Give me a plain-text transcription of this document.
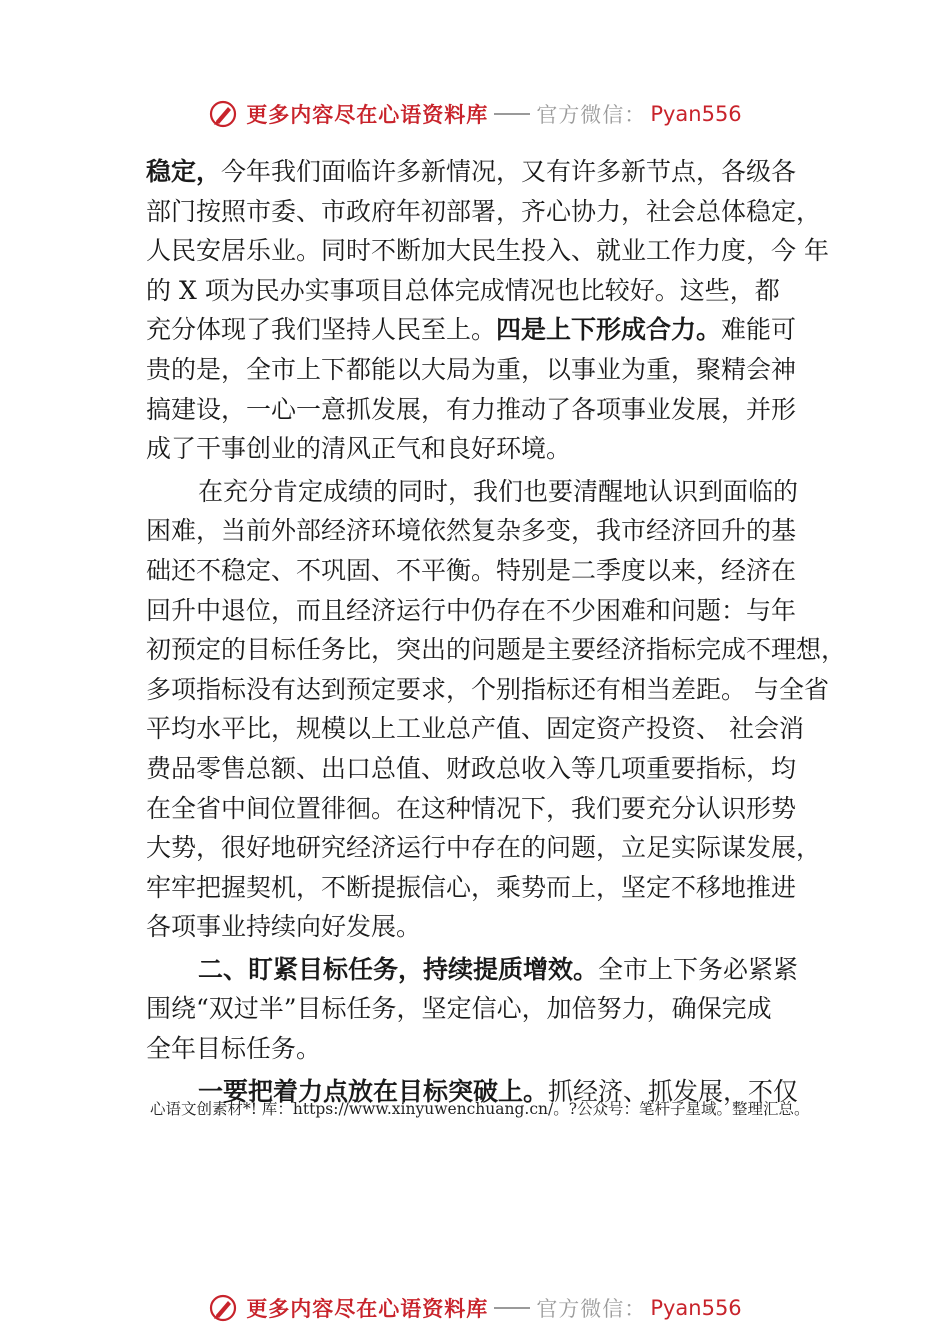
更多内容尽在心语资料库 官方微信： Pyan556
稳定，今年我们面临许多新情况，又有许多新节点，各级各
部门按照市委、市政府年初部署，齐心协力，社会总体稳定，
人民安居乐业。同时不断加大民生投入、就业工作力度，今 年
的 X 项为民办实事项目总体完成情况也比较好。这些，都
充分体现了我们坚持人民至上。四是上下形成合力。难能可
贵的是，全市上下都能以大局为重，以事业为重，聚精会神
搞建设，一心一意抓发展，有力推动了各项事业发展，并形
成了干事创业的清风正气和良好环境。
在充分肯定成绩的同时，我们也要清醒地认识到面临的
困难，当前外部经济环境依然复杂多变，我市经济回升的基
础还不稳定、不巩固、不平衡。特别是二季度以来，经济在
回升中退位，而且经济运行中仍存在不少困难和问题：与年
初预定的目标任务比，突出的问题是主要经济指标完成不理想，
多项指标没有达到预定要求，个别指标还有相当差距。 与全省
平均水平比，规模以上工业总产值、固定资产投资、 社会消
费品零售总额、出口总值、财政总收入等几项重要指标，均
在全省中间位置徘徊。在这种情况下，我们要充分认识形势
大势，很好地研究经济运行中存在的问题，立足实际谋发展，
牢牢把握契机，不断提振信心，乘势而上，坚定不移地推进
各项事业持续向好发展。
二、盯紧目标任务，持续提质增效。全市上下务必紧紧
围绕“双过半”目标任务，坚定信心，加倍努力，确保完成
全年目标任务。
一要把着力点放在目标突破上。抓经济、抓发展，不仅
心语文创素材*! 库：https://www.xinyuwenchuang.cn/。?公众号：笔杆子星域。整理汇总。
更多内容尽在心语资料库 官方微信： Pyan556
